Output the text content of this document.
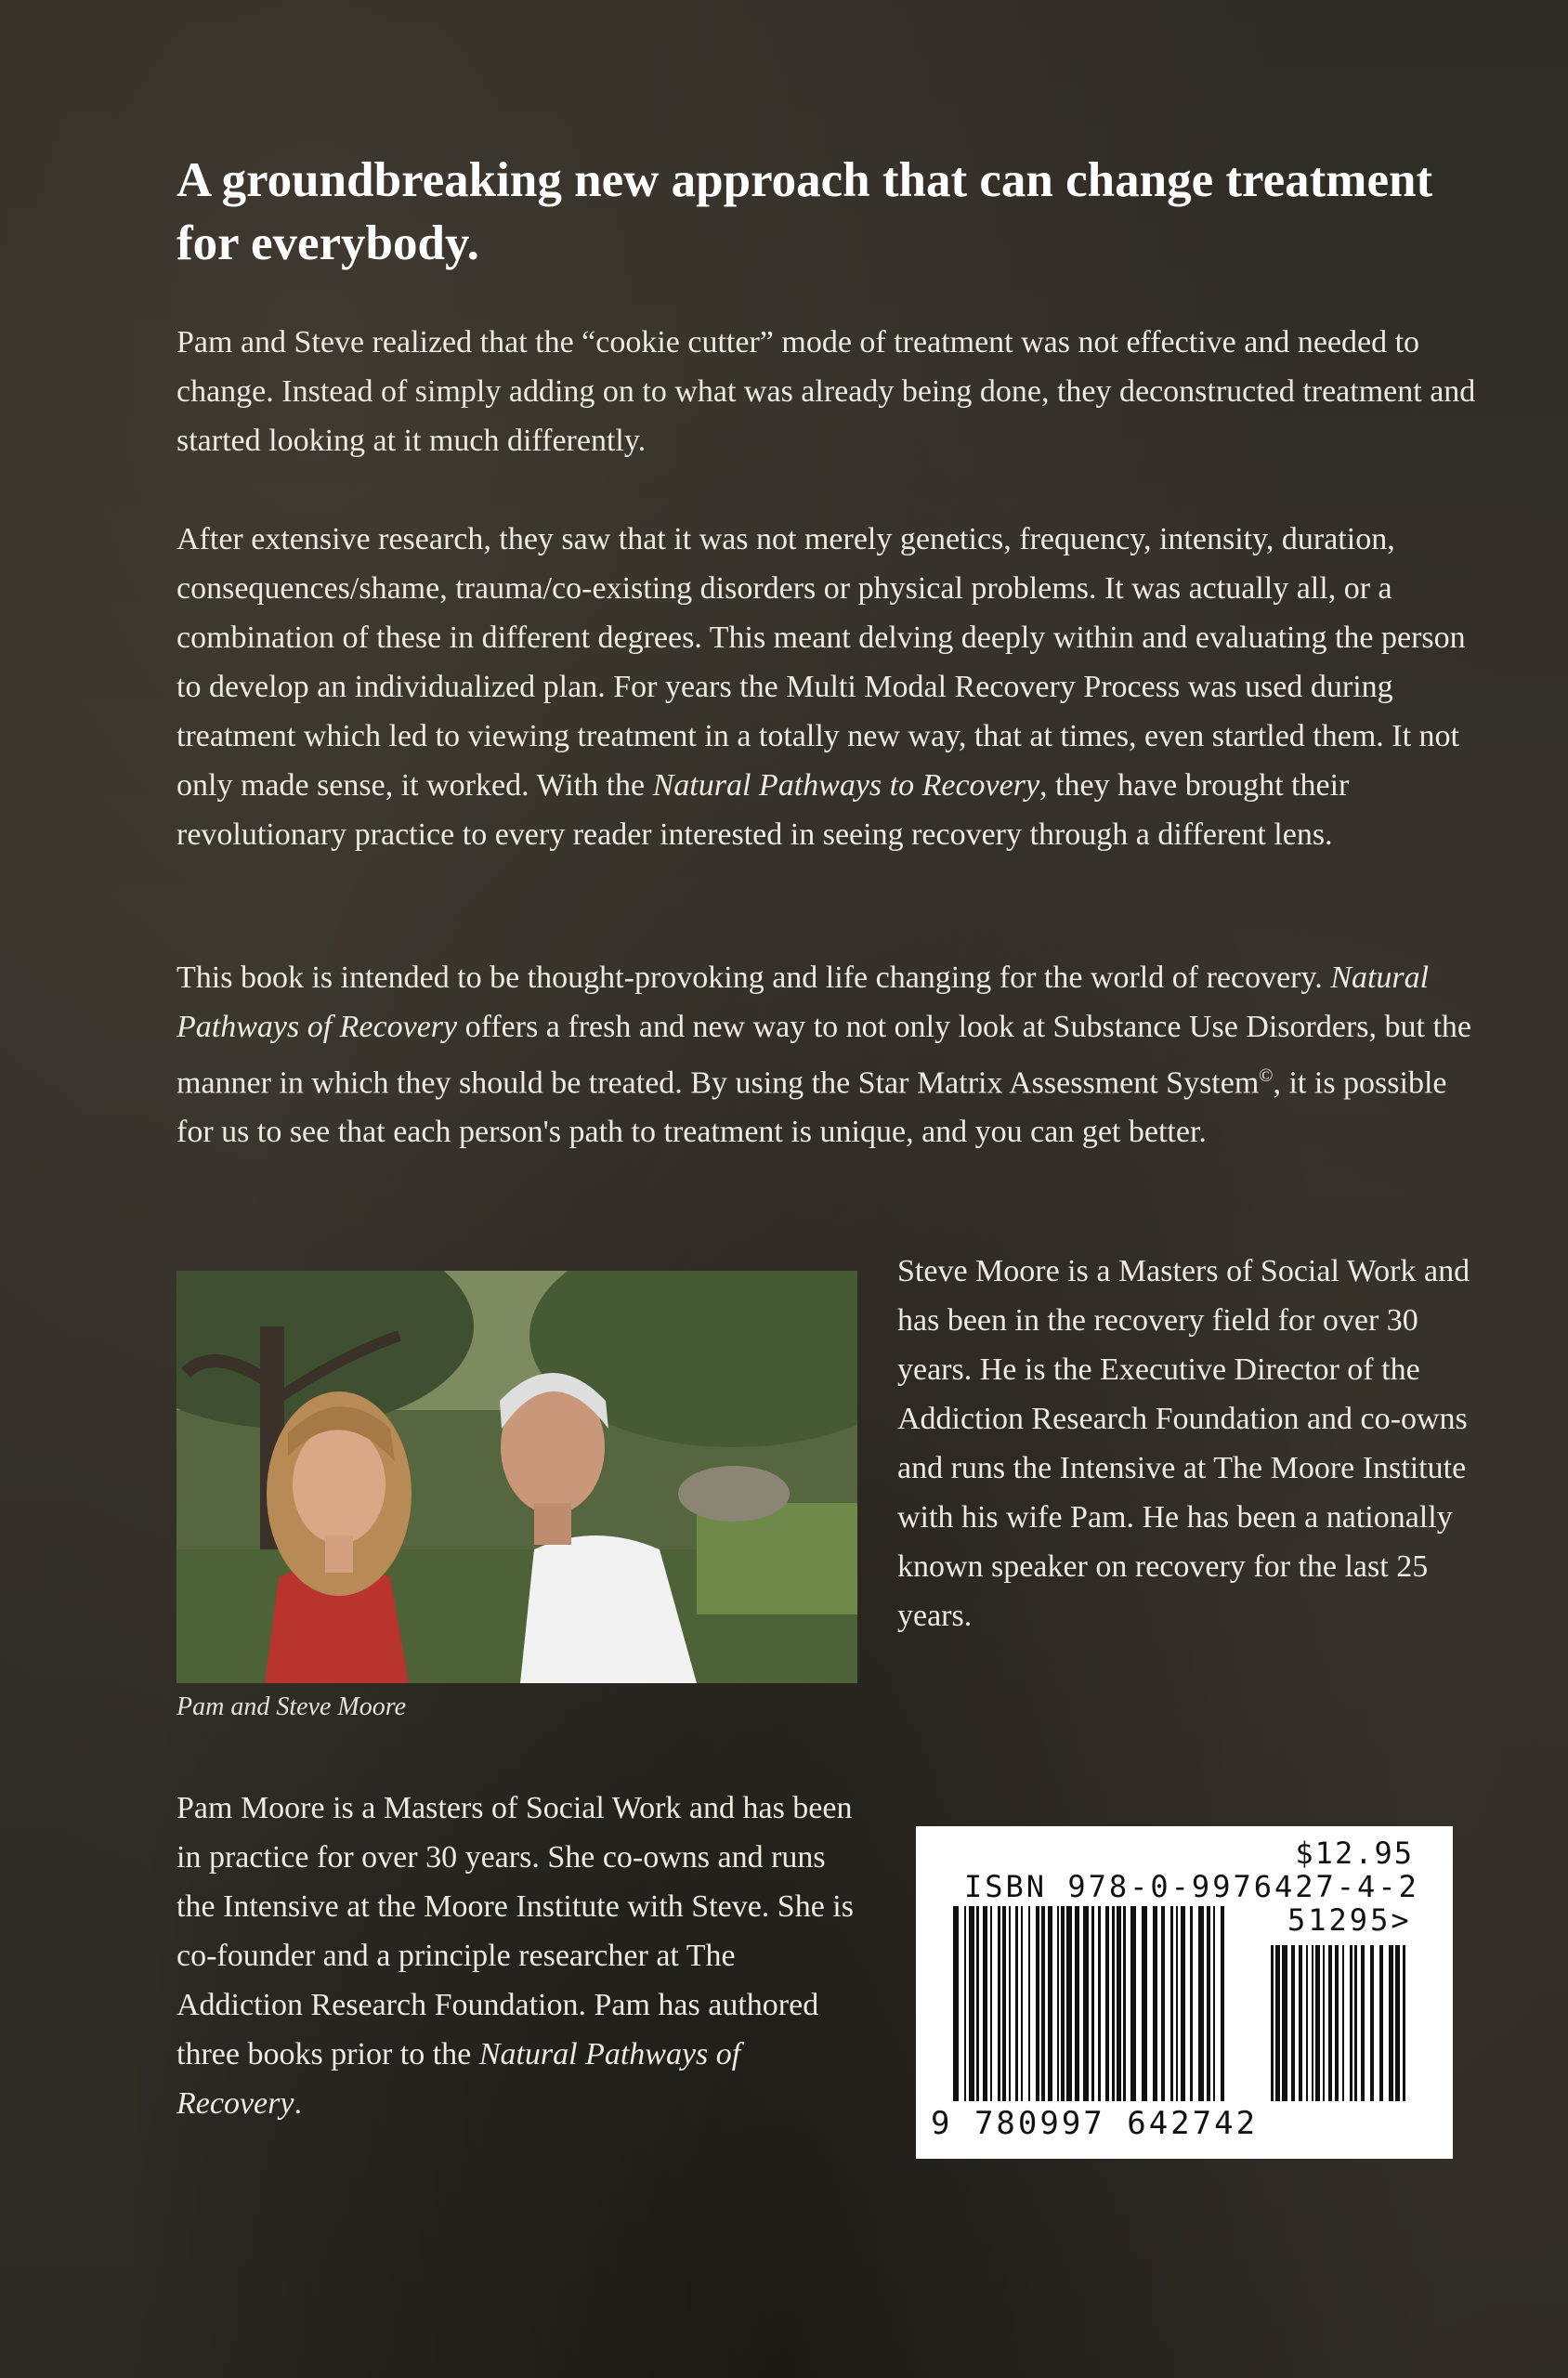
A groundbreaking new approach that can change treatment for everybody.

Pam and Steve realized that the “cookie cutter” mode of treatment was not effective and needed to change. Instead of simply adding on to what was already being done, they deconstructed treatment and started looking at it much differently.

After extensive research, they saw that it was not merely genetics, frequency, intensity, duration, consequences/shame, trauma/co-existing disorders or physical problems. It was actually all, or a combination of these in different degrees. This meant delving deeply within and evaluating the person to develop an individualized plan. For years the Multi Modal Recovery Process was used during treatment which led to viewing treatment in a totally new way, that at times, even startled them. It not only made sense, it worked. With the Natural Pathways to Recovery, they have brought their revolutionary practice to every reader interested in seeing recovery through a different lens.

This book is intended to be thought-provoking and life changing for the world of recovery. Natural Pathways of Recovery offers a fresh and new way to not only look at Substance Use Disorders, but the manner in which they should be treated. By using the Star Matrix Assessment System©, it is possible for us to see that each person's path to treatment is unique, and you can get better.

Pam and Steve Moore

Steve Moore is a Masters of Social Work and has been in the recovery field for over 30 years. He is the Executive Director of the Addiction Research Foundation and co-owns and runs the Intensive at The Moore Institute with his wife Pam. He has been a nationally known speaker on recovery for the last 25 years.

Pam Moore is a Masters of Social Work and has been in practice for over 30 years. She co-owns and runs the Intensive at the Moore Institute with Steve. She is co-founder and a principle researcher at The Addiction Research Foundation. Pam has authored three books prior to the Natural Pathways of Recovery.

$12.95
ISBN 978-0-9976427-4-2
51295>
9 780997 642742
